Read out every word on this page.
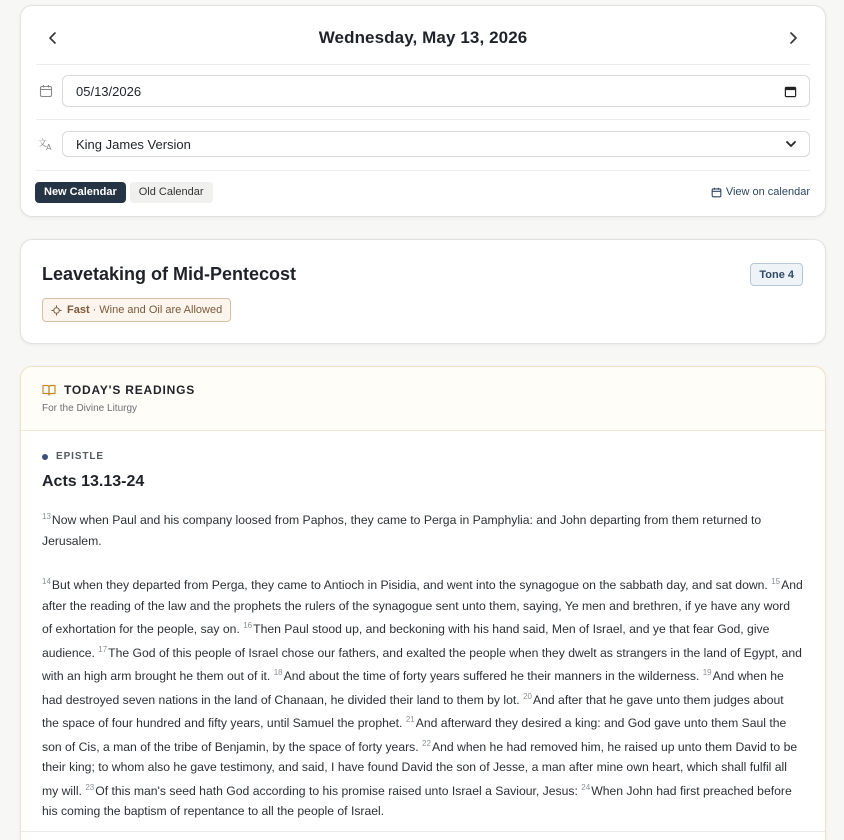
Wednesday, May 13, 2026
05/13/2026
文
A King James Version
New Calendar	Old Calendar	View on calendar
Leavetaking of Mid-Pentecost	Tone 4
Fast · Wine and Oil are Allowed
TODAY'S READINGS
For the Divine Liturgy
EPISTLE
Acts 13.13-24

$^{13}$Now when Paul and his company loosed from Paphos, they came to Perga in Pamphylia: and John departing from them returned to Jerusalem.

$^{14}$But when they departed from Perga, they came to Antioch in Pisidia, and went into the synagogue on the sabbath day, and sat down. $^{15}$And after the reading of the law and the prophets the rulers of the synagogue sent unto them, saying, Ye men and brethren, if ye have any word of exhortation for the people, say on. $^{16}$Then Paul stood up, and beckoning with his hand said, Men of Israel, and ye that fear God, give audience. $^{17}$The God of this people of Israel chose our fathers, and exalted the people when they dwelt as strangers in the land of Egypt, and with an high arm brought he them out of it. $^{18}$And about the time of forty years suffered he their manners in the wilderness. $^{19}$And when he had destroyed seven nations in the land of Chanaan, he divided their land to them by lot. $^{20}$And after that he gave unto them judges about the space of four hundred and fifty years, until Samuel the prophet. $^{21}$And afterward they desired a king: and God gave unto them Saul the son of Cis, a man of the tribe of Benjamin, by the space of forty years. $^{22}$And when he had removed him, he raised up unto them David to be their king; to whom also he gave testimony, and said, I have found David the son of Jesse, a man after mine own heart, which shall fulfil all my will. $^{23}$Of this man's seed hath God according to his promise raised unto Israel a Saviour, Jesus: $^{24}$When John had first preached before his coming the baptism of repentance to all the people of Israel.
